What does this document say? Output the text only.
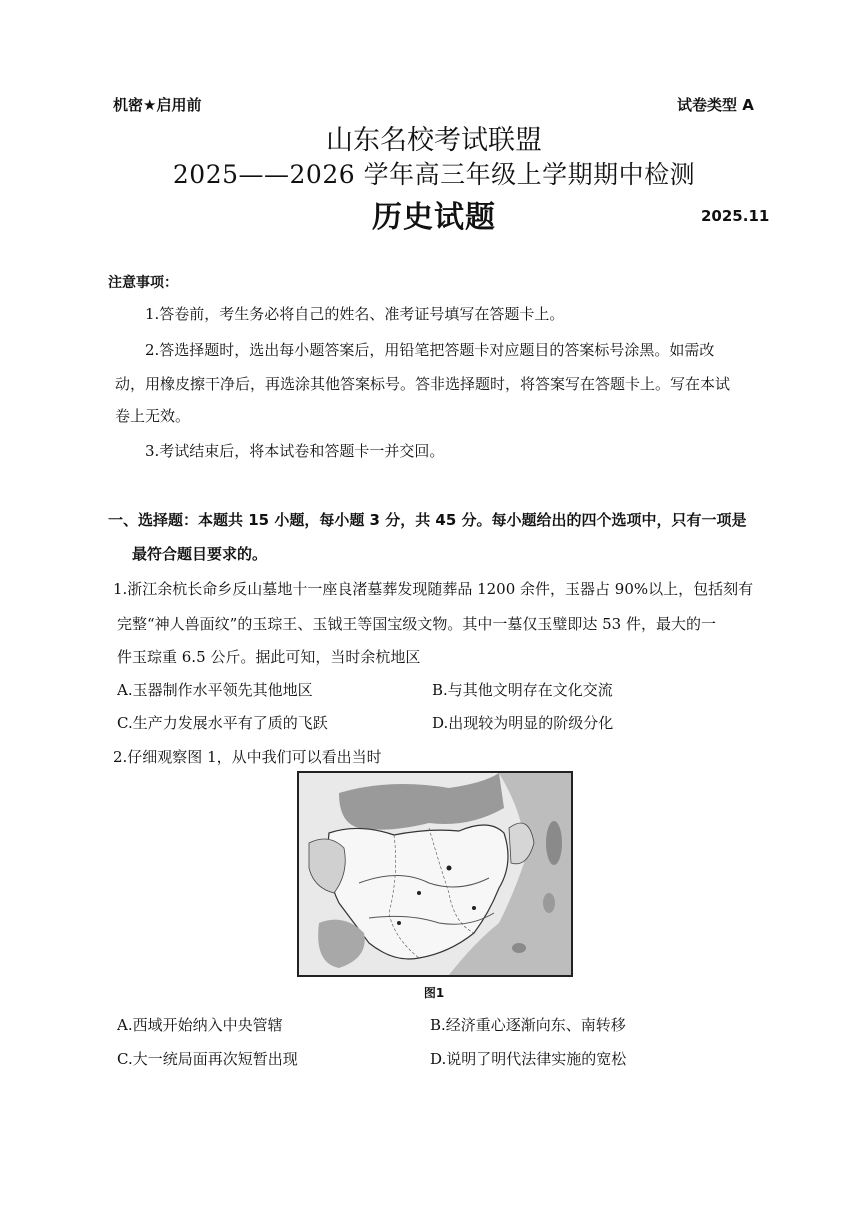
机密★启用前	试卷类型 A
山东名校考试联盟
2025——2026 学年高三年级上学期期中检测
历史试题	2025.11
注意事项：
1.答卷前，考生务必将自己的姓名、准考证号填写在答题卡上。
2.答选择题时，选出每小题答案后，用铅笔把答题卡对应题目的答案标号涂黑。如需改
动，用橡皮擦干净后，再选涂其他答案标号。答非选择题时，将答案写在答题卡上。写在本试
卷上无效。
3.考试结束后，将本试卷和答题卡一并交回。
一、选择题：本题共 15 小题，每小题 3 分，共 45 分。每小题给出的四个选项中，只有一项是
最符合题目要求的。
1.浙江余杭长命乡反山墓地十一座良渚墓葬发现随葬品 1200 余件，玉器占 90%以上，包括刻有
完整“神人兽面纹”的玉琮王、玉钺王等国宝级文物。其中一墓仅玉璧即达 53 件，最大的一
件玉琮重 6.5 公斤。据此可知，当时余杭地区
A.玉器制作水平领先其他地区	B.与其他文明存在文化交流
C.生产力发展水平有了质的飞跃	D.出现较为明显的阶级分化
2.仔细观察图 1，从中我们可以看出当时
图1
A.西域开始纳入中央管辖	B.经济重心逐渐向东、南转移
C.大一统局面再次短暂出现	D.说明了明代法律实施的宽松
